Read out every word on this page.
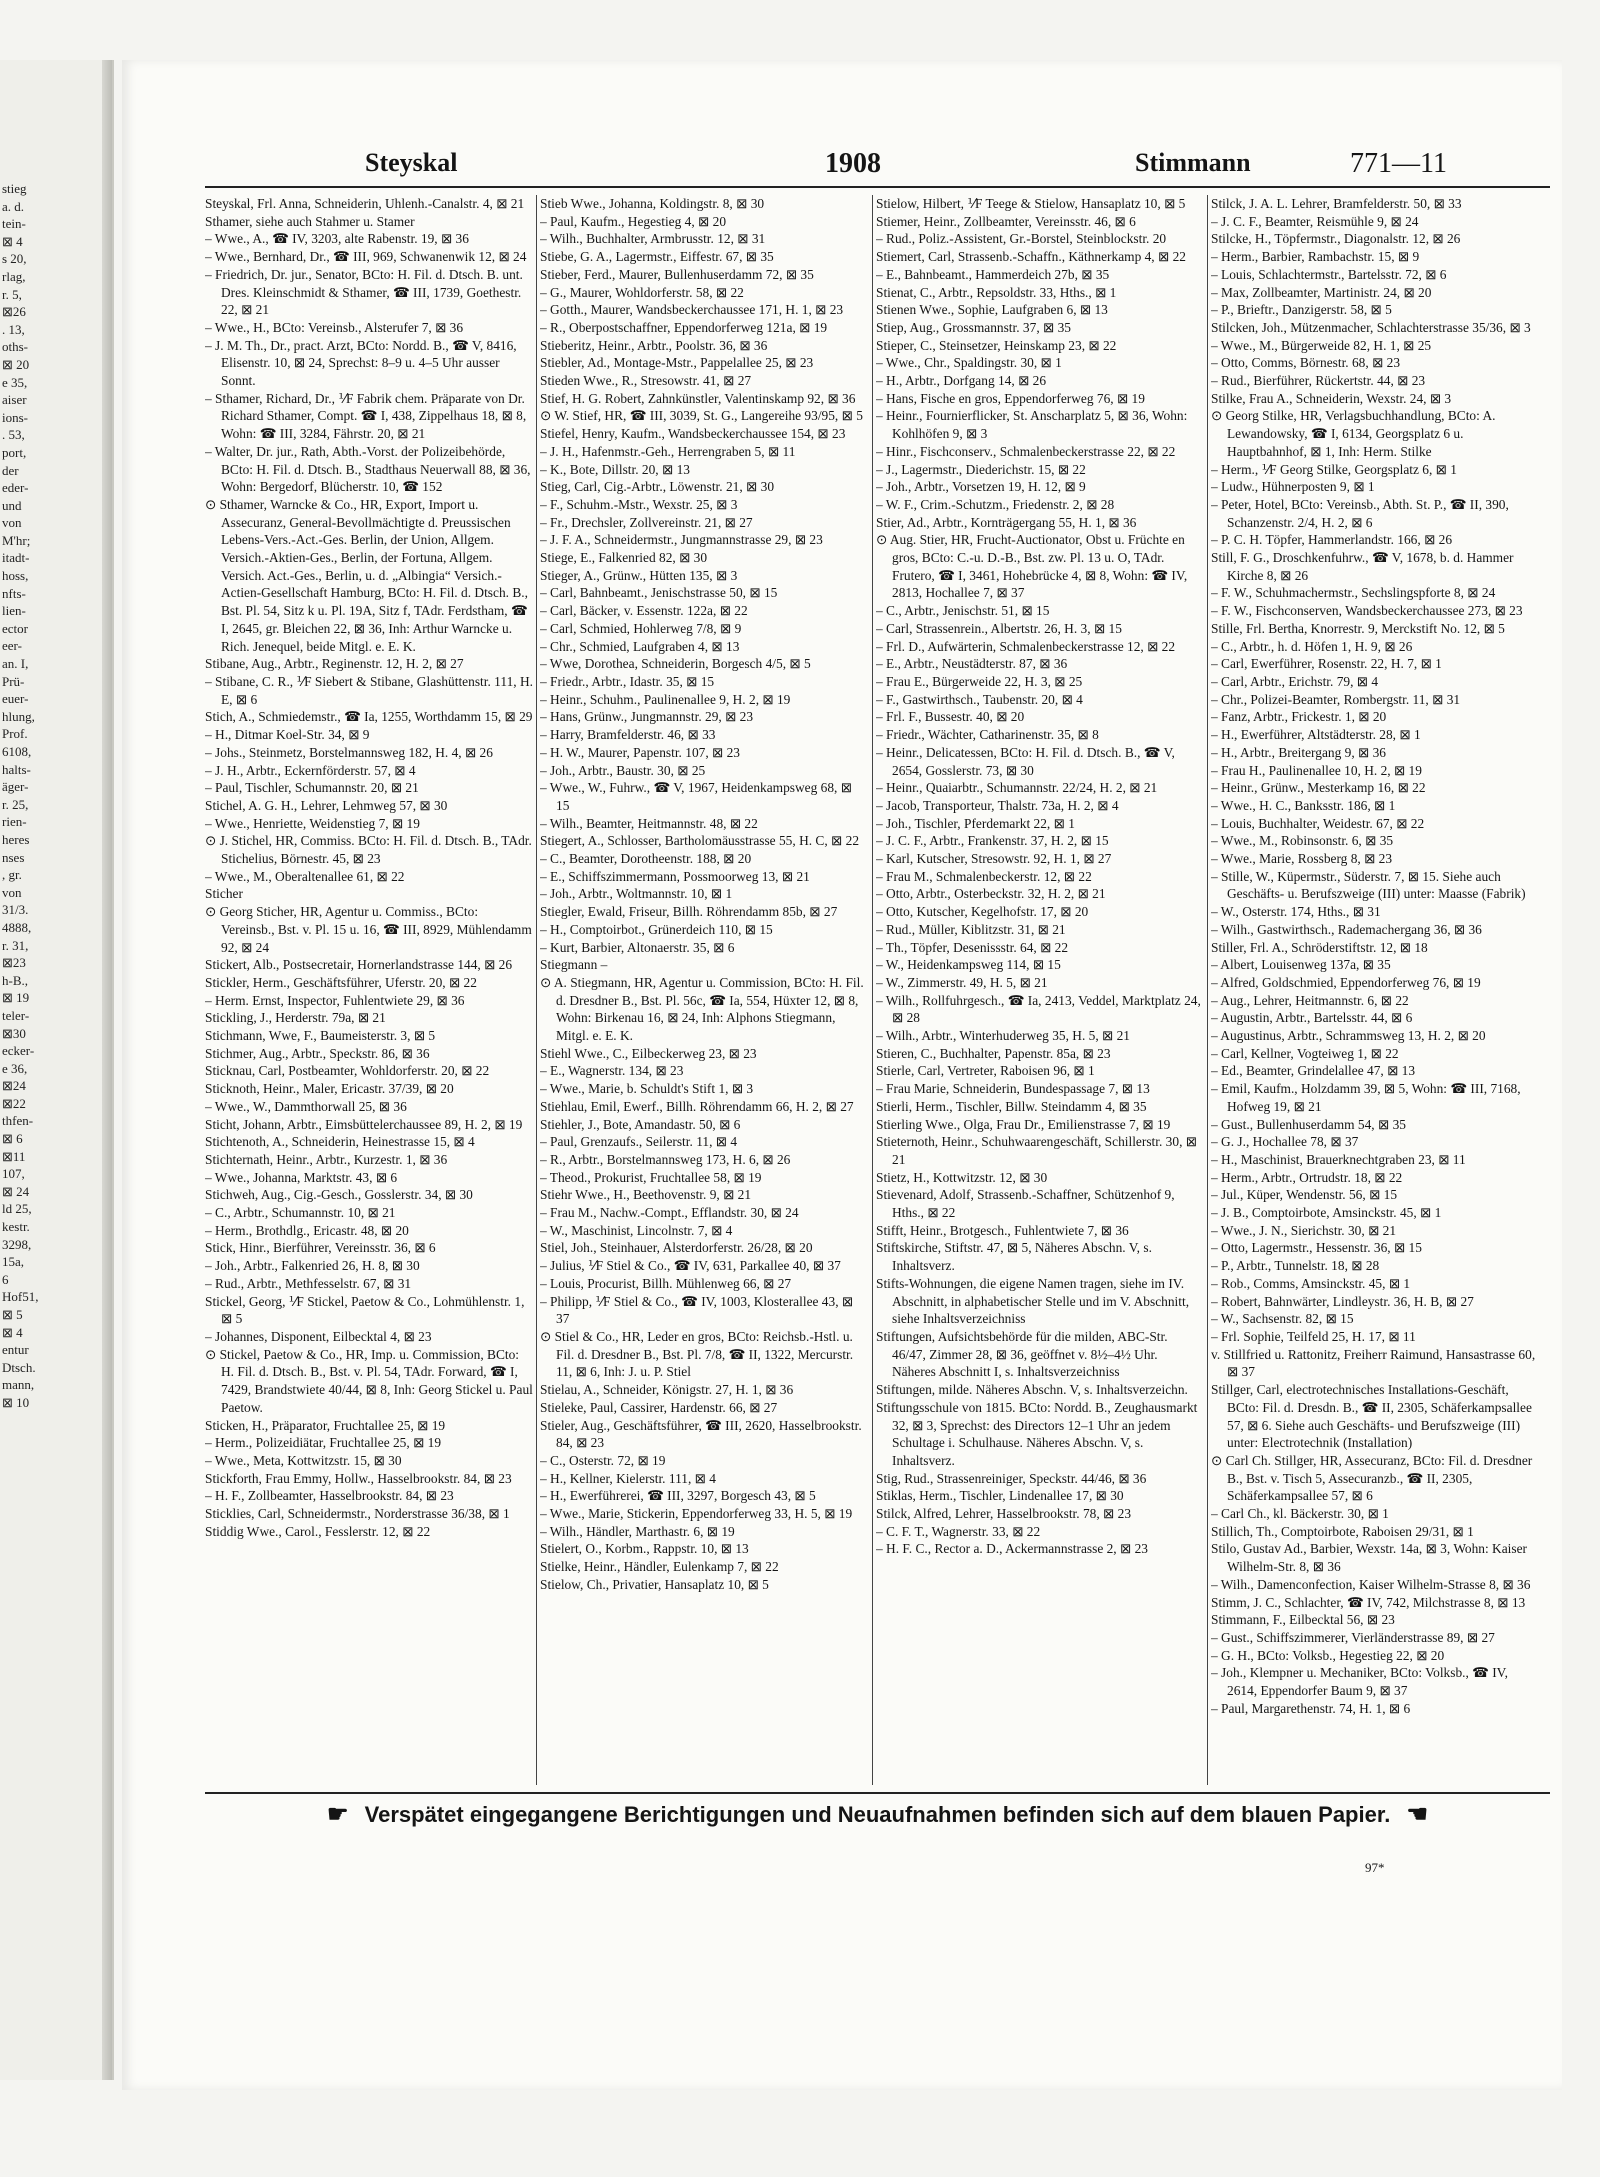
stieg
a. d.
tein-
⊠ 4
s 20,
rlag,
r. 5,
⊠26
. 13,
oths-
⊠ 20
e 35,
aiser
ions-
. 53,
port,
der
eder-
und
von
M'hr;
itadt-
hoss,
nfts-
lien-
ector
eer-
an. I,
Prü-
euer-
hlung,
Prof.
6108,
halts-
äger-
r. 25,
rien-
heres
nses
, gr.
von
31/3.
4888,
r. 31,
⊠23
h-B.,
⊠ 19
teler-
⊠30
ecker-
e 36,
⊠24
⊠22
thfen-
⊠ 6
⊠11
107,
⊠ 24
ld 25,
kestr.
3298,
15a,
6
Hof51,
⊠ 5
⊠ 4
entur
Dtsch.
mann,
⊠ 10
Steyskal	1908	Stimmann	771—11

Steyskal, Frl. Anna, Schneiderin, Uhlenh.-Canalstr. 4, ⊠ 21

Sthamer, siehe auch Stahmer u. Stamer

– Wwe., A., ☎ IV, 3203, alte Rabenstr. 19, ⊠ 36

– Wwe., Bernhard, Dr., ☎ III, 969, Schwanenwik 12, ⊠ 24

– Friedrich, Dr. jur., Senator, BCto: H. Fil. d. Dtsch. B. unt. Dres. Kleinschmidt & Sthamer, ☎ III, 1739, Goethestr. 22, ⊠ 21

– Wwe., H., BCto: Vereinsb., Alsterufer 7, ⊠ 36

– J. M. Th., Dr., pract. Arzt, BCto: Nordd. B., ☎ V, 8416, Elisenstr. 10, ⊠ 24, Sprechst: 8–9 u. 4–5 Uhr ausser Sonnt.

– Sthamer, Richard, Dr., ⅟F Fabrik chem. Präparate von Dr. Richard Sthamer, Compt. ☎ I, 438, Zippelhaus 18, ⊠ 8, Wohn: ☎ III, 3284, Fährstr. 20, ⊠ 21

– Walter, Dr. jur., Rath, Abth.-Vorst. der Polizeibehörde, BCto: H. Fil. d. Dtsch. B., Stadthaus Neuerwall 88, ⊠ 36, Wohn: Bergedorf, Blücherstr. 10, ☎ 152

⊙ Sthamer, Warncke & Co., HR, Export, Import u. Assecuranz, General-Bevollmächtigte d. Preussischen Lebens-Vers.-Act.-Ges. Berlin, der Union, Allgem. Versich.-Aktien-Ges., Berlin, der Fortuna, Allgem. Versich. Act.-Ges., Berlin, u. d. „Albingia“ Versich.-Actien-Gesellschaft Hamburg, BCto: H. Fil. d. Dtsch. B., Bst. Pl. 54, Sitz k u. Pl. 19A, Sitz f, TAdr. Ferdstham, ☎ I, 2645, gr. Bleichen 22, ⊠ 36, Inh: Arthur Warncke u. Rich. Jenequel, beide Mitgl. e. E. K.

Stibane, Aug., Arbtr., Reginenstr. 12, H. 2, ⊠ 27

– Stibane, C. R., ⅟F Siebert & Stibane, Glashüttenstr. 111, H. E, ⊠ 6

Stich, A., Schmiedemstr., ☎ Ia, 1255, Worthdamm 15, ⊠ 29

– H., Ditmar Koel-Str. 34, ⊠ 9

– Johs., Steinmetz, Borstelmannsweg 182, H. 4, ⊠ 26

– J. H., Arbtr., Eckernförderstr. 57, ⊠ 4

– Paul, Tischler, Schumannstr. 20, ⊠ 21

Stichel, A. G. H., Lehrer, Lehmweg 57, ⊠ 30

– Wwe., Henriette, Weidenstieg 7, ⊠ 19

⊙ J. Stichel, HR, Commiss. BCto: H. Fil. d. Dtsch. B., TAdr. Stichelius, Börnestr. 45, ⊠ 23

– Wwe., M., Oberaltenallee 61, ⊠ 22

Sticher

⊙ Georg Sticher, HR, Agentur u. Commiss., BCto: Vereinsb., Bst. v. Pl. 15 u. 16, ☎ III, 8929, Mühlendamm 92, ⊠ 24

Stickert, Alb., Postsecretair, Hornerlandstrasse 144, ⊠ 26

Stickler, Herm., Geschäftsführer, Uferstr. 20, ⊠ 22

– Herm. Ernst, Inspector, Fuhlentwiete 29, ⊠ 36

Stickling, J., Herderstr. 79a, ⊠ 21

Stichmann, Wwe, F., Baumeisterstr. 3, ⊠ 5

Stichmer, Aug., Arbtr., Speckstr. 86, ⊠ 36

Sticknau, Carl, Postbeamter, Wohldorferstr. 20, ⊠ 22

Sticknoth, Heinr., Maler, Ericastr. 37/39, ⊠ 20

– Wwe., W., Dammthorwall 25, ⊠ 36

Sticht, Johann, Arbtr., Eimsbüttelerchaussee 89, H. 2, ⊠ 19

Stichtenoth, A., Schneiderin, Heinestrasse 15, ⊠ 4

Stichternath, Heinr., Arbtr., Kurzestr. 1, ⊠ 36

– Wwe., Johanna, Marktstr. 43, ⊠ 6

Stichweh, Aug., Cig.-Gesch., Gosslerstr. 34, ⊠ 30

– C., Arbtr., Schumannstr. 10, ⊠ 21

– Herm., Brothdlg., Ericastr. 48, ⊠ 20

Stick, Hinr., Bierführer, Vereinsstr. 36, ⊠ 6

– Joh., Arbtr., Falkenried 26, H. 8, ⊠ 30

– Rud., Arbtr., Methfesselstr. 67, ⊠ 31

Stickel, Georg, ⅟F Stickel, Paetow & Co., Lohmühlenstr. 1, ⊠ 5

– Johannes, Disponent, Eilbecktal 4, ⊠ 23

⊙ Stickel, Paetow & Co., HR, Imp. u. Commission, BCto: H. Fil. d. Dtsch. B., Bst. v. Pl. 54, TAdr. Forward, ☎ I, 7429, Brandstwiete 40/44, ⊠ 8, Inh: Georg Stickel u. Paul Paetow.

Sticken, H., Präparator, Fruchtallee 25, ⊠ 19

– Herm., Polizeidiätar, Fruchtallee 25, ⊠ 19

– Wwe., Meta, Kottwitzstr. 15, ⊠ 30

Stickforth, Frau Emmy, Hollw., Hasselbrookstr. 84, ⊠ 23

– H. F., Zollbeamter, Hasselbrookstr. 84, ⊠ 23

Sticklies, Carl, Schneidermstr., Norderstrasse 36/38, ⊠ 1

Stiddig Wwe., Carol., Fesslerstr. 12, ⊠ 22

Stieb Wwe., Johanna, Koldingstr. 8, ⊠ 30

– Paul, Kaufm., Hegestieg 4, ⊠ 20

– Wilh., Buchhalter, Armbrusstr. 12, ⊠ 31

Stiebe, G. A., Lagermstr., Eiffestr. 67, ⊠ 35

Stieber, Ferd., Maurer, Bullenhuserdamm 72, ⊠ 35

– G., Maurer, Wohldorferstr. 58, ⊠ 22

– Gotth., Maurer, Wandsbeckerchaussee 171, H. 1, ⊠ 23

– R., Oberpostschaffner, Eppendorferweg 121a, ⊠ 19

Stieberitz, Heinr., Arbtr., Poolstr. 36, ⊠ 36

Stiebler, Ad., Montage-Mstr., Pappelallee 25, ⊠ 23

Stieden Wwe., R., Stresowstr. 41, ⊠ 27

Stief, H. G. Robert, Zahnkünstler, Valentinskamp 92, ⊠ 36

⊙ W. Stief, HR, ☎ III, 3039, St. G., Langereihe 93/95, ⊠ 5

Stiefel, Henry, Kaufm., Wandsbeckerchaussee 154, ⊠ 23

– J. H., Hafenmstr.-Geh., Herrengraben 5, ⊠ 11

– K., Bote, Dillstr. 20, ⊠ 13

Stieg, Carl, Cig.-Arbtr., Löwenstr. 21, ⊠ 30

– F., Schuhm.-Mstr., Wexstr. 25, ⊠ 3

– Fr., Drechsler, Zollvereinstr. 21, ⊠ 27

– J. F. A., Schneidermstr., Jungmannstrasse 29, ⊠ 23

Stiege, E., Falkenried 82, ⊠ 30

Stieger, A., Grünw., Hütten 135, ⊠ 3

– Carl, Bahnbeamt., Jenischstrasse 50, ⊠ 15

– Carl, Bäcker, v. Essenstr. 122a, ⊠ 22

– Carl, Schmied, Hohlerweg 7/8, ⊠ 9

– Chr., Schmied, Laufgraben 4, ⊠ 13

– Wwe, Dorothea, Schneiderin, Borgesch 4/5, ⊠ 5

– Friedr., Arbtr., Idastr. 35, ⊠ 15

– Heinr., Schuhm., Paulinenallee 9, H. 2, ⊠ 19

– Hans, Grünw., Jungmannstr. 29, ⊠ 23

– Harry, Bramfelderstr. 46, ⊠ 33

– H. W., Maurer, Papenstr. 107, ⊠ 23

– Joh., Arbtr., Baustr. 30, ⊠ 25

– Wwe., W., Fuhrw., ☎ V, 1967, Heidenkampsweg 68, ⊠ 15

– Wilh., Beamter, Heitmannstr. 48, ⊠ 22

Stiegert, A., Schlosser, Bartholomäusstrasse 55, H. C, ⊠ 22

– C., Beamter, Dorotheenstr. 188, ⊠ 20

– E., Schiffszimmermann, Possmoorweg 13, ⊠ 21

– Joh., Arbtr., Woltmannstr. 10, ⊠ 1

Stiegler, Ewald, Friseur, Billh. Röhrendamm 85b, ⊠ 27

– H., Comptoirbot., Grünerdeich 110, ⊠ 15

– Kurt, Barbier, Altonaerstr. 35, ⊠ 6

Stiegmann –

⊙ A. Stiegmann, HR, Agentur u. Commission, BCto: H. Fil. d. Dresdner B., Bst. Pl. 56c, ☎ Ia, 554, Hüxter 12, ⊠ 8, Wohn: Birkenau 16, ⊠ 24, Inh: Alphons Stiegmann, Mitgl. e. E. K.

Stiehl Wwe., C., Eilbeckerweg 23, ⊠ 23

– E., Wagnerstr. 134, ⊠ 23

– Wwe., Marie, b. Schuldt's Stift 1, ⊠ 3

Stiehlau, Emil, Ewerf., Billh. Röhrendamm 66, H. 2, ⊠ 27

Stiehler, J., Bote, Amandastr. 50, ⊠ 6

– Paul, Grenzaufs., Seilerstr. 11, ⊠ 4

– R., Arbtr., Borstelmannsweg 173, H. 6, ⊠ 26

– Theod., Prokurist, Fruchtallee 58, ⊠ 19

Stiehr Wwe., H., Beethovenstr. 9, ⊠ 21

– Frau M., Nachw.-Compt., Efflandstr. 30, ⊠ 24

– W., Maschinist, Lincolnstr. 7, ⊠ 4

Stiel, Joh., Steinhauer, Alsterdorferstr. 26/28, ⊠ 20

– Julius, ⅟F Stiel & Co., ☎ IV, 631, Parkallee 40, ⊠ 37

– Louis, Procurist, Billh. Mühlenweg 66, ⊠ 27

– Philipp, ⅟F Stiel & Co., ☎ IV, 1003, Klosterallee 43, ⊠ 37

⊙ Stiel & Co., HR, Leder en gros, BCto: Reichsb.-Hstl. u. Fil. d. Dresdner B., Bst. Pl. 7/8, ☎ II, 1322, Mercurstr. 11, ⊠ 6, Inh: J. u. P. Stiel

Stielau, A., Schneider, Königstr. 27, H. 1, ⊠ 36

Stieleke, Paul, Cassirer, Hardenstr. 66, ⊠ 27

Stieler, Aug., Geschäftsführer, ☎ III, 2620, Hasselbrookstr. 84, ⊠ 23

– C., Osterstr. 72, ⊠ 19

– H., Kellner, Kielerstr. 111, ⊠ 4

– H., Ewerführerei, ☎ III, 3297, Borgesch 43, ⊠ 5

– Wwe., Marie, Stickerin, Eppendorferweg 33, H. 5, ⊠ 19

– Wilh., Händler, Marthastr. 6, ⊠ 19

Stielert, O., Korbm., Rappstr. 10, ⊠ 13

Stielke, Heinr., Händler, Eulenkamp 7, ⊠ 22

Stielow, Ch., Privatier, Hansaplatz 10, ⊠ 5

Stielow, Hilbert, ⅟F Teege & Stielow, Hansaplatz 10, ⊠ 5

Stiemer, Heinr., Zollbeamter, Vereinsstr. 46, ⊠ 6

– Rud., Poliz.-Assistent, Gr.-Borstel, Steinblockstr. 20

Stiemert, Carl, Strassenb.-Schaffn., Käthnerkamp 4, ⊠ 22

– E., Bahnbeamt., Hammerdeich 27b, ⊠ 35

Stienat, C., Arbtr., Repsoldstr. 33, Hths., ⊠ 1

Stienen Wwe., Sophie, Laufgraben 6, ⊠ 13

Stiep, Aug., Grossmannstr. 37, ⊠ 35

Stieper, C., Steinsetzer, Heinskamp 23, ⊠ 22

– Wwe., Chr., Spaldingstr. 30, ⊠ 1

– H., Arbtr., Dorfgang 14, ⊠ 26

– Hans, Fische en gros, Eppendorferweg 76, ⊠ 19

– Heinr., Fournierflicker, St. Anscharplatz 5, ⊠ 36, Wohn: Kohlhöfen 9, ⊠ 3

– Hinr., Fischconserv., Schmalenbeckerstrasse 22, ⊠ 22

– J., Lagermstr., Diederichstr. 15, ⊠ 22

– Joh., Arbtr., Vorsetzen 19, H. 12, ⊠ 9

– W. F., Crim.-Schutzm., Friedenstr. 2, ⊠ 28

Stier, Ad., Arbtr., Kornträgergang 55, H. 1, ⊠ 36

⊙ Aug. Stier, HR, Frucht-Auctionator, Obst u. Früchte en gros, BCto: C.-u. D.-B., Bst. zw. Pl. 13 u. O, TAdr. Frutero, ☎ I, 3461, Hohebrücke 4, ⊠ 8, Wohn: ☎ IV, 2813, Hochallee 7, ⊠ 37

– C., Arbtr., Jenischstr. 51, ⊠ 15

– Carl, Strassenrein., Albertstr. 26, H. 3, ⊠ 15

– Frl. D., Aufwärterin, Schmalenbeckerstrasse 12, ⊠ 22

– E., Arbtr., Neustädterstr. 87, ⊠ 36

– Frau E., Bürgerweide 22, H. 3, ⊠ 25

– F., Gastwirthsch., Taubenstr. 20, ⊠ 4

– Frl. F., Bussestr. 40, ⊠ 20

– Friedr., Wächter, Catharinenstr. 35, ⊠ 8

– Heinr., Delicatessen, BCto: H. Fil. d. Dtsch. B., ☎ V, 2654, Gosslerstr. 73, ⊠ 30

– Heinr., Quaiarbtr., Schumannstr. 22/24, H. 2, ⊠ 21

– Jacob, Transporteur, Thalstr. 73a, H. 2, ⊠ 4

– Joh., Tischler, Pferdemarkt 22, ⊠ 1

– J. C. F., Arbtr., Frankenstr. 37, H. 2, ⊠ 15

– Karl, Kutscher, Stresowstr. 92, H. 1, ⊠ 27

– Frau M., Schmalenbeckerstr. 12, ⊠ 22

– Otto, Arbtr., Osterbeckstr. 32, H. 2, ⊠ 21

– Otto, Kutscher, Kegelhofstr. 17, ⊠ 20

– Rud., Müller, Kiblitzstr. 31, ⊠ 21

– Th., Töpfer, Desenissstr. 64, ⊠ 22

– W., Heidenkampsweg 114, ⊠ 15

– W., Zimmerstr. 49, H. 5, ⊠ 21

– Wilh., Rollfuhrgesch., ☎ Ia, 2413, Veddel, Marktplatz 24, ⊠ 28

– Wilh., Arbtr., Winterhuderweg 35, H. 5, ⊠ 21

Stieren, C., Buchhalter, Papenstr. 85a, ⊠ 23

Stierle, Carl, Vertreter, Raboisen 96, ⊠ 1

– Frau Marie, Schneiderin, Bundespassage 7, ⊠ 13

Stierli, Herm., Tischler, Billw. Steindamm 4, ⊠ 35

Stierling Wwe., Olga, Frau Dr., Emilienstrasse 7, ⊠ 19

Stieternoth, Heinr., Schuhwaarengeschäft, Schillerstr. 30, ⊠ 21

Stietz, H., Kottwitzstr. 12, ⊠ 30

Stievenard, Adolf, Strassenb.-Schaffner, Schützenhof 9, Hths., ⊠ 22

Stifft, Heinr., Brotgesch., Fuhlentwiete 7, ⊠ 36

Stiftskirche, Stiftstr. 47, ⊠ 5, Näheres Abschn. V, s. Inhaltsverz.

Stifts-Wohnungen, die eigene Namen tragen, siehe im IV. Abschnitt, in alphabetischer Stelle und im V. Abschnitt, siehe Inhaltsverzeichniss

Stiftungen, Aufsichtsbehörde für die milden, ABC-Str. 46/47, Zimmer 28, ⊠ 36, geöffnet v. 8½–4½ Uhr. Näheres Abschnitt I, s. Inhaltsverzeichniss

Stiftungen, milde. Näheres Abschn. V, s. Inhaltsverzeichn.

Stiftungsschule von 1815. BCto: Nordd. B., Zeughausmarkt 32, ⊠ 3, Sprechst: des Directors 12–1 Uhr an jedem Schultage i. Schulhause. Näheres Abschn. V, s. Inhaltsverz.

Stig, Rud., Strassenreiniger, Speckstr. 44/46, ⊠ 36

Stiklas, Herm., Tischler, Lindenallee 17, ⊠ 30

Stilck, Alfred, Lehrer, Hasselbrookstr. 78, ⊠ 23

– C. F. T., Wagnerstr. 33, ⊠ 22

– H. F. C., Rector a. D., Ackermannstrasse 2, ⊠ 23

Stilck, J. A. L. Lehrer, Bramfelderstr. 50, ⊠ 33

– J. C. F., Beamter, Reismühle 9, ⊠ 24

Stilcke, H., Töpfermstr., Diagonalstr. 12, ⊠ 26

– Herm., Barbier, Rambachstr. 15, ⊠ 9

– Louis, Schlachtermstr., Bartelsstr. 72, ⊠ 6

– Max, Zollbeamter, Martinistr. 24, ⊠ 20

– P., Brieftr., Danzigerstr. 58, ⊠ 5

Stilcken, Joh., Mützenmacher, Schlachterstrasse 35/36, ⊠ 3

– Wwe., M., Bürgerweide 82, H. 1, ⊠ 25

– Otto, Comms, Börnestr. 68, ⊠ 23

– Rud., Bierführer, Rückertstr. 44, ⊠ 23

Stilke, Frau A., Schneiderin, Wexstr. 24, ⊠ 3

⊙ Georg Stilke, HR, Verlagsbuchhandlung, BCto: A. Lewandowsky, ☎ I, 6134, Georgsplatz 6 u. Hauptbahnhof, ⊠ 1, Inh: Herm. Stilke

– Herm., ⅟F Georg Stilke, Georgsplatz 6, ⊠ 1

– Ludw., Hühnerposten 9, ⊠ 1

– Peter, Hotel, BCto: Vereinsb., Abth. St. P., ☎ II, 390, Schanzenstr. 2/4, H. 2, ⊠ 6

– P. C. H. Töpfer, Hammerlandstr. 166, ⊠ 26

Still, F. G., Droschkenfuhrw., ☎ V, 1678, b. d. Hammer Kirche 8, ⊠ 26

– F. W., Schuhmachermstr., Sechslingspforte 8, ⊠ 24

– F. W., Fischconserven, Wandsbeckerchaussee 273, ⊠ 23

Stille, Frl. Bertha, Knorrestr. 9, Merckstift No. 12, ⊠ 5

– C., Arbtr., h. d. Höfen 1, H. 9, ⊠ 26

– Carl, Ewerführer, Rosenstr. 22, H. 7, ⊠ 1

– Carl, Arbtr., Erichstr. 79, ⊠ 4

– Chr., Polizei-Beamter, Rombergstr. 11, ⊠ 31

– Fanz, Arbtr., Frickestr. 1, ⊠ 20

– H., Ewerführer, Altstädterstr. 28, ⊠ 1

– H., Arbtr., Breitergang 9, ⊠ 36

– Frau H., Paulinenallee 10, H. 2, ⊠ 19

– Heinr., Grünw., Mesterkamp 16, ⊠ 22

– Wwe., H. C., Banksstr. 186, ⊠ 1

– Louis, Buchhalter, Weidestr. 67, ⊠ 22

– Wwe., M., Robinsonstr. 6, ⊠ 35

– Wwe., Marie, Rossberg 8, ⊠ 23

– Stille, W., Küpermstr., Süderstr. 7, ⊠ 15. Siehe auch Geschäfts- u. Berufszweige (III) unter: Maasse (Fabrik)

– W., Osterstr. 174, Hths., ⊠ 31

– Wilh., Gastwirthsch., Rademachergang 36, ⊠ 36

Stiller, Frl. A., Schröderstiftstr. 12, ⊠ 18

– Albert, Louisenweg 137a, ⊠ 35

– Alfred, Goldschmied, Eppendorferweg 76, ⊠ 19

– Aug., Lehrer, Heitmannstr. 6, ⊠ 22

– Augustin, Arbtr., Bartelsstr. 44, ⊠ 6

– Augustinus, Arbtr., Schrammsweg 13, H. 2, ⊠ 20

– Carl, Kellner, Vogteiweg 1, ⊠ 22

– Ed., Beamter, Grindelallee 47, ⊠ 13

– Emil, Kaufm., Holzdamm 39, ⊠ 5, Wohn: ☎ III, 7168, Hofweg 19, ⊠ 21

– Gust., Bullenhuserdamm 54, ⊠ 35

– G. J., Hochallee 78, ⊠ 37

– H., Maschinist, Brauerknechtgraben 23, ⊠ 11

– Herm., Arbtr., Ortrudstr. 18, ⊠ 22

– Jul., Küper, Wendenstr. 56, ⊠ 15

– J. B., Comptoirbote, Amsinckstr. 45, ⊠ 1

– Wwe., J. N., Sierichstr. 30, ⊠ 21

– Otto, Lagermstr., Hessenstr. 36, ⊠ 15

– P., Arbtr., Tunnelstr. 18, ⊠ 28

– Rob., Comms, Amsinckstr. 45, ⊠ 1

– Robert, Bahnwärter, Lindleystr. 36, H. B, ⊠ 27

– W., Sachsenstr. 82, ⊠ 15

– Frl. Sophie, Teilfeld 25, H. 17, ⊠ 11

v. Stillfried u. Rattonitz, Freiherr Raimund, Hansastrasse 60, ⊠ 37

Stillger, Carl, electrotechnisches Installations-Geschäft, BCto: Fil. d. Dresdn. B., ☎ II, 2305, Schäferkampsallee 57, ⊠ 6. Siehe auch Geschäfts- und Berufszweige (III) unter: Electrotechnik (Installation)

⊙ Carl Ch. Stillger, HR, Assecuranz, BCto: Fil. d. Dresdner B., Bst. v. Tisch 5, Assecuranzb., ☎ II, 2305, Schäferkampsallee 57, ⊠ 6

– Carl Ch., kl. Bäckerstr. 30, ⊠ 1

Stillich, Th., Comptoirbote, Raboisen 29/31, ⊠ 1

Stilo, Gustav Ad., Barbier, Wexstr. 14a, ⊠ 3, Wohn: Kaiser Wilhelm-Str. 8, ⊠ 36

– Wilh., Damenconfection, Kaiser Wilhelm-Strasse 8, ⊠ 36

Stimm, J. C., Schlachter, ☎ IV, 742, Milchstrasse 8, ⊠ 13

Stimmann, F., Eilbecktal 56, ⊠ 23

– Gust., Schiffszimmerer, Vierländerstrasse 89, ⊠ 27

– G. H., BCto: Volksb., Hegestieg 22, ⊠ 20

– Joh., Klempner u. Mechaniker, BCto: Volksb., ☎ IV, 2614, Eppendorfer Baum 9, ⊠ 37

– Paul, Margarethenstr. 74, H. 1, ⊠ 6

☛ Verspätet eingegangene Berichtigungen und Neuaufnahmen befinden sich auf dem blauen Papier. ☚
97*
